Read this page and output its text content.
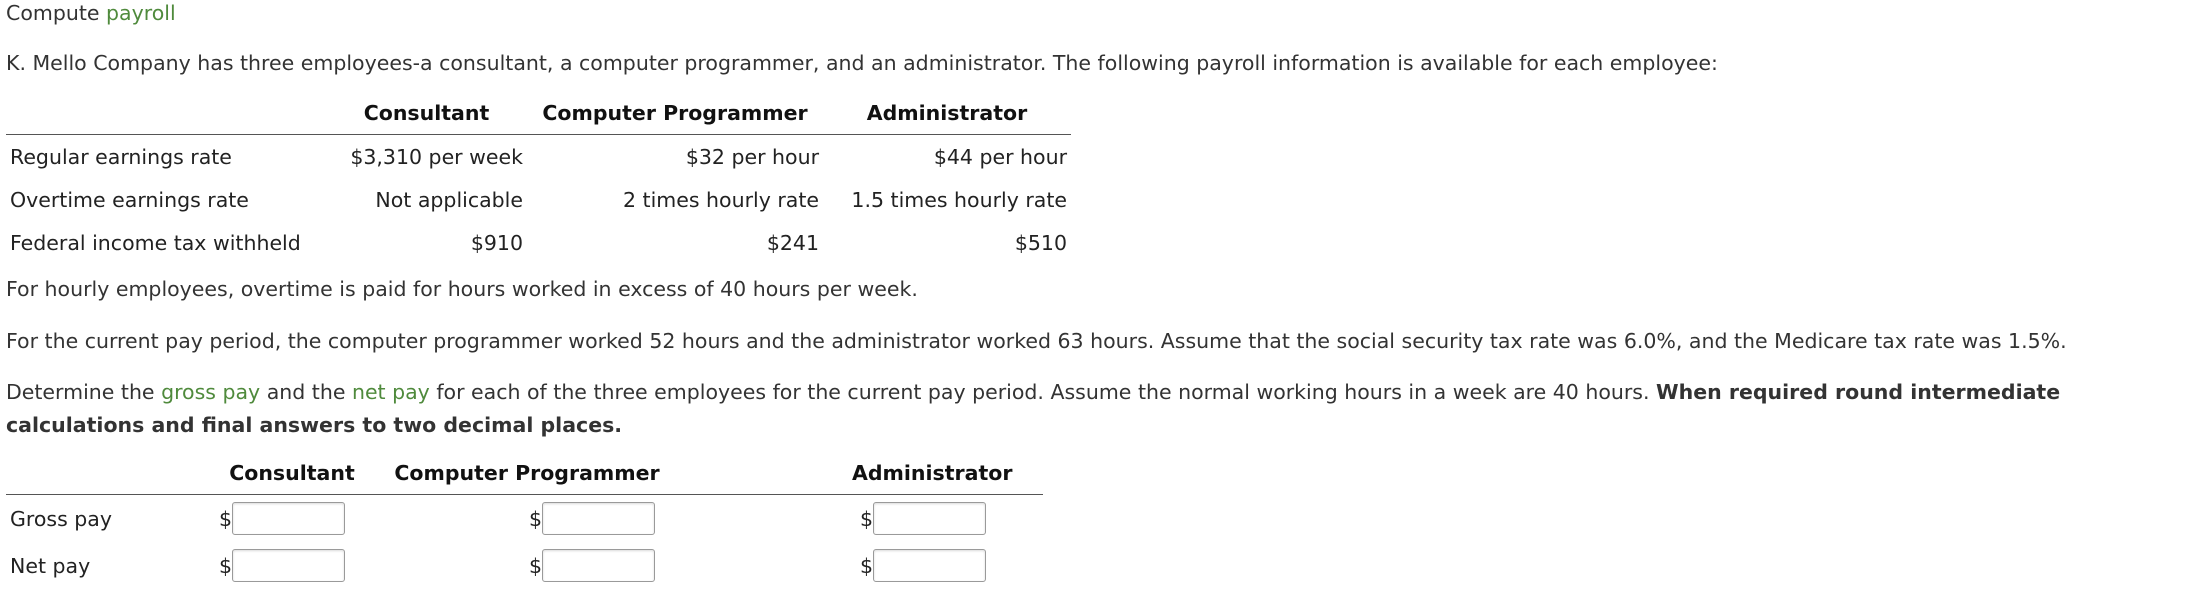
Compute payroll
K. Mello Company has three employees-a consultant, a computer programmer, and an administrator. The following payroll information is available for each employee:
	Consultant	Computer Programmer	Administrator
Regular earnings rate	$3,310 per week	$32 per hour	$44 per hour
Overtime earnings rate	Not applicable	2 times hourly rate	1.5 times hourly rate
Federal income tax withheld	$910	$241	$510
For hourly employees, overtime is paid for hours worked in excess of 40 hours per week.
For the current pay period, the computer programmer worked 52 hours and the administrator worked 63 hours. Assume that the social security tax rate was 6.0%, and the Medicare tax rate was 1.5%.
Determine the gross pay and the net pay for each of the three employees for the current pay period. Assume the normal working hours in a week are 40 hours. When required round intermediate calculations and final answers to two decimal places.
	Consultant	Computer Programmer	Administrator
Gross pay	$	$	$

Net pay	$	$	$
